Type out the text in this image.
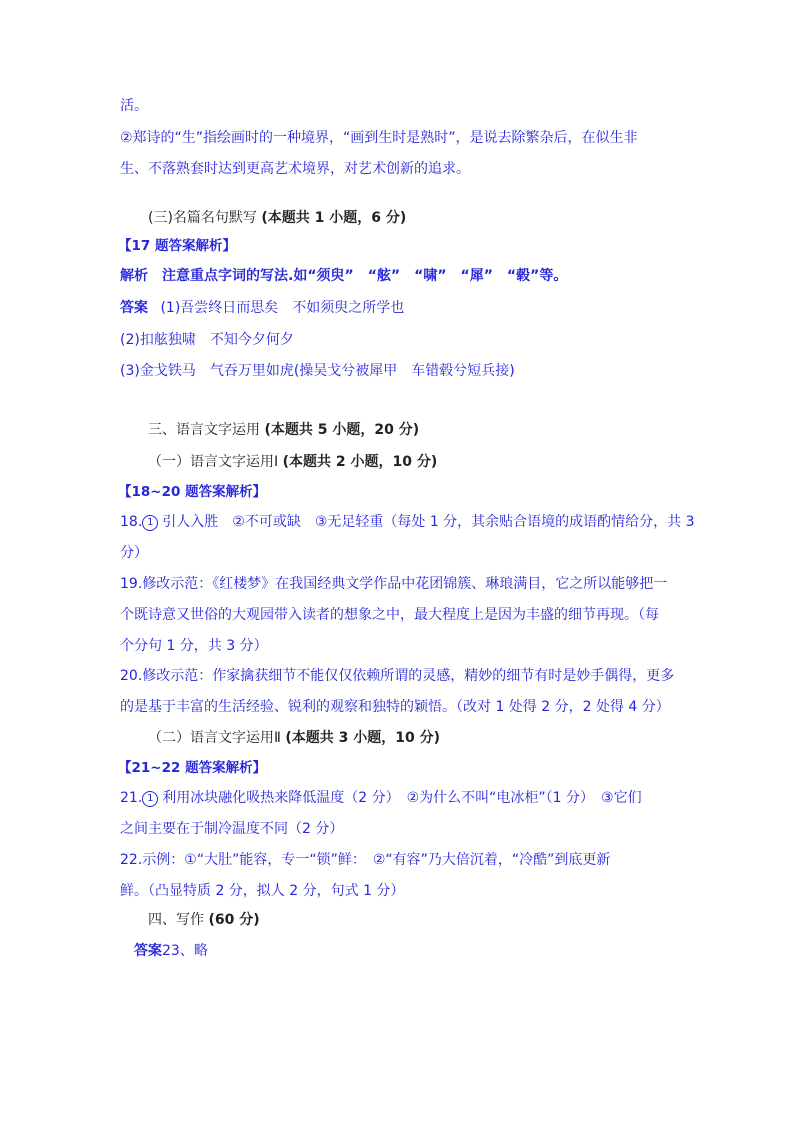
活。
②郑诗的“生”指绘画时的一种境界，“画到生时是熟时”，是说去除繁杂后，在似生非
生、不落熟套时达到更高艺术境界，对艺术创新的追求。
(三)名篇名句默写 (本题共 1 小题，6 分)
【17 题答案解析】
解析　注意重点字词的写法.如“须臾”　“舷”　“啸”　“犀”　“毂”等。
答案 (1)吾尝终日而思矣　不如须臾之所学也
(2)扣舷独啸　不知今夕何夕
(3)金戈铁马　气吞万里如虎(操吴戈兮被犀甲　车错毂兮短兵接)
三、语言文字运用 (本题共 5 小题，20 分)
（一）语言文字运用Ⅰ (本题共 2 小题，10 分)
【18~20 题答案解析】
18. 1 引人入胜　②不可或缺　③无足轻重（每处 1 分，其余贴合语境的成语酌情给分，共 3
分）
19.修改示范：《红楼梦》在我国经典文学作品中花团锦簇、琳琅满目，它之所以能够把一
个既诗意又世俗的大观园带入读者的想象之中，最大程度上是因为丰盛的细节再现。（每
个分句 1 分，共 3 分）
20.修改示范：作家擒获细节不能仅仅依赖所谓的灵感，精妙的细节有时是妙手偶得，更多
的是基于丰富的生活经验、锐利的观察和独特的颖悟。（改对 1 处得 2 分，2 处得 4 分）
（二）语言文字运用Ⅱ (本题共 3 小题，10 分)
【21~22 题答案解析】
21. 1 利用冰块融化吸热来降低温度（2 分）　②为什么不叫“电冰柜”（1 分）　③它们
之间主要在于制冷温度不同（2 分）
22.示例：①“大肚”能容，专一“锁”鲜：　②“有容”乃大倍沉着，“冷酷”到底更新
鲜。（凸显特质 2 分，拟人 2 分，句式 1 分）
四、写作 (60 分)
答案23、略
